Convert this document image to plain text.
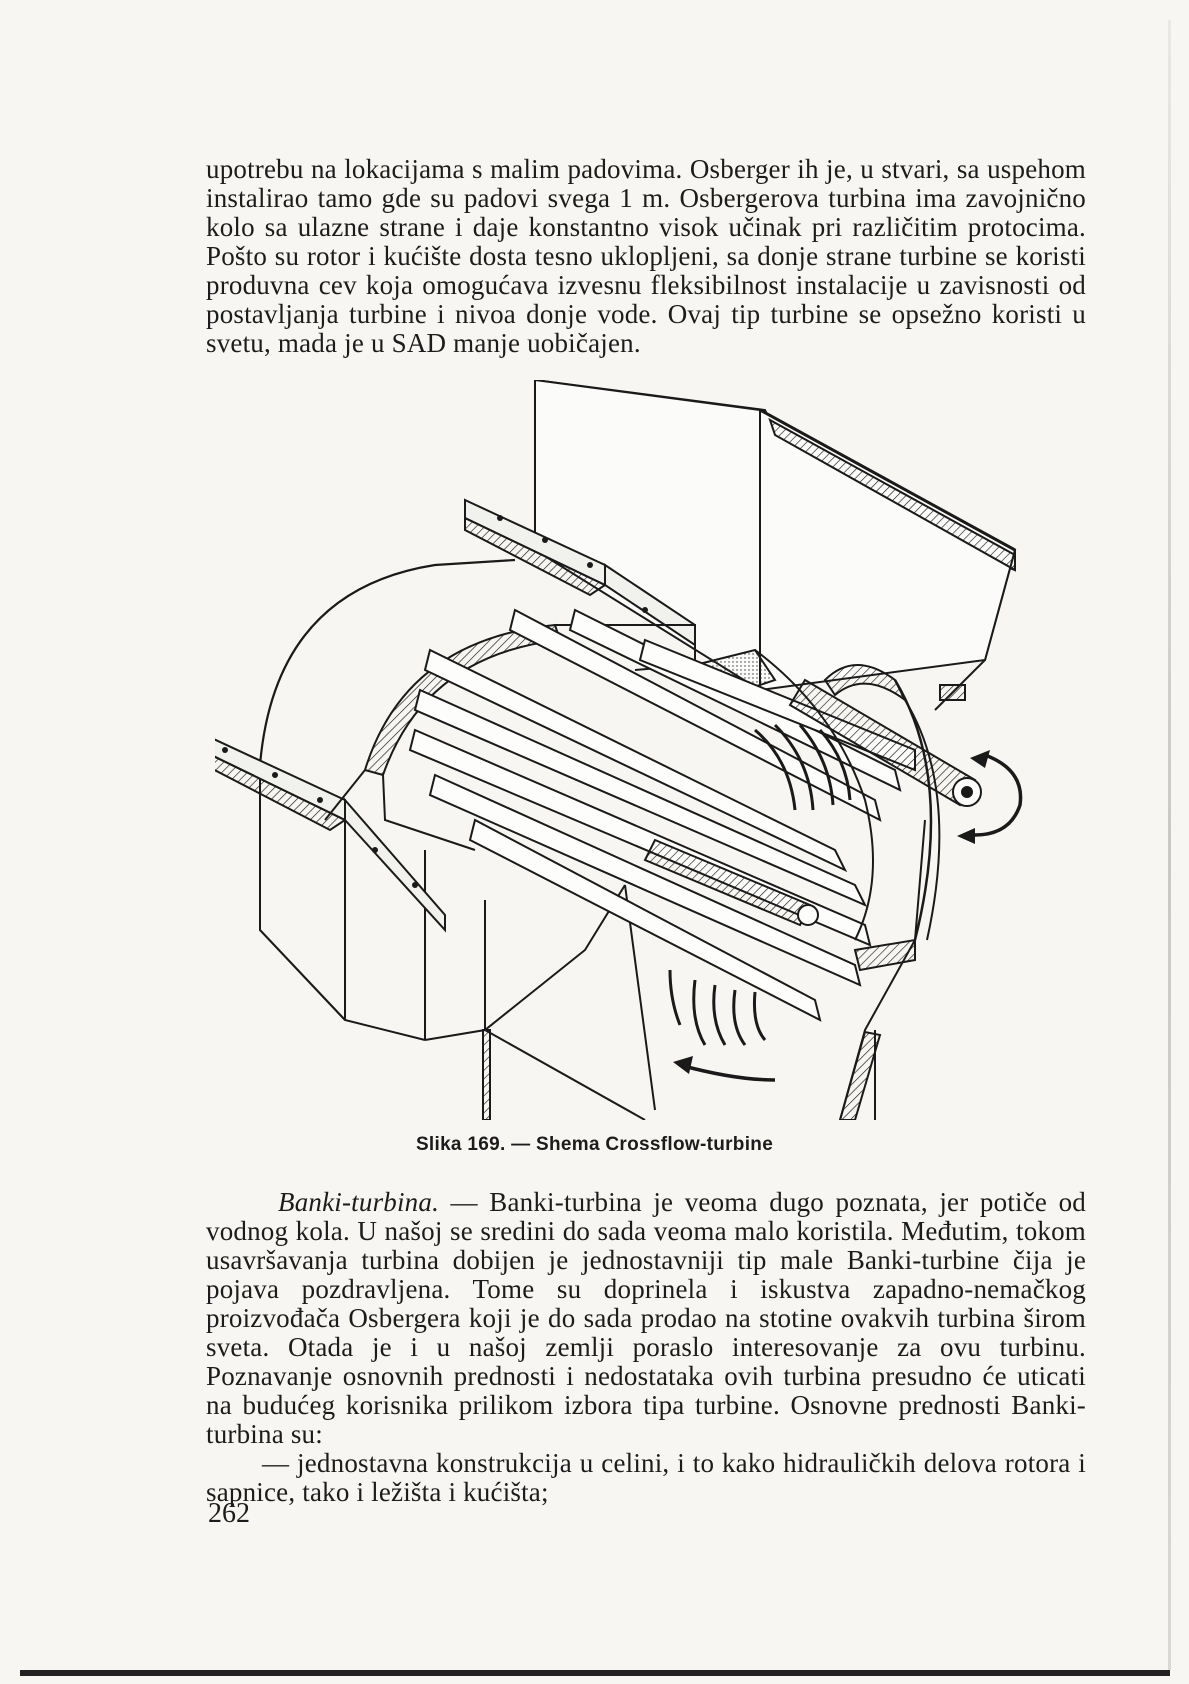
upotrebu na lokacijama s malim padovima. Osberger ih je, u stvari, sa uspehom instalirao tamo gde su padovi svega 1 m. Osbergerova turbina ima zavojnično kolo sa ulazne strane i daje konstantno visok učinak pri različitim protocima. Pošto su rotor i kućište dosta tesno uklopljeni, sa donje strane turbine se koristi produvna cev koja omogućava izvesnu fleksibilnost instalacije u zavisnosti od postavljanja turbine i nivoa donje vode. Ovaj tip turbine se opsežno koristi u svetu, mada je u SAD manje uobičajen.

Slika 169. — Shema Crossflow-turbine
Banki-turbina. — Banki-turbina je veoma dugo poznata, jer potiče od vodnog kola. U našoj se sredini do sada veoma malo koristila. Međutim, tokom usavršavanja turbina dobijen je jednostavniji tip male Banki-turbine čija je pojava pozdravljena. Tome su doprinela i iskustva zapadno-nemačkog proizvođača Osbergera koji je do sada prodao na stotine ovakvih turbina širom sveta. Otada je i u našoj zemlji poraslo interesovanje za ovu turbinu. Poznavanje osnovnih prednosti i nedostataka ovih turbina presudno će uticati na budućeg korisnika prilikom izbora tipa turbine. Osnovne prednosti Banki-turbina su:
— jednostavna konstrukcija u celini, i to kako hidrauličkih delova rotora i sapnice, tako i ležišta i kućišta;
262
